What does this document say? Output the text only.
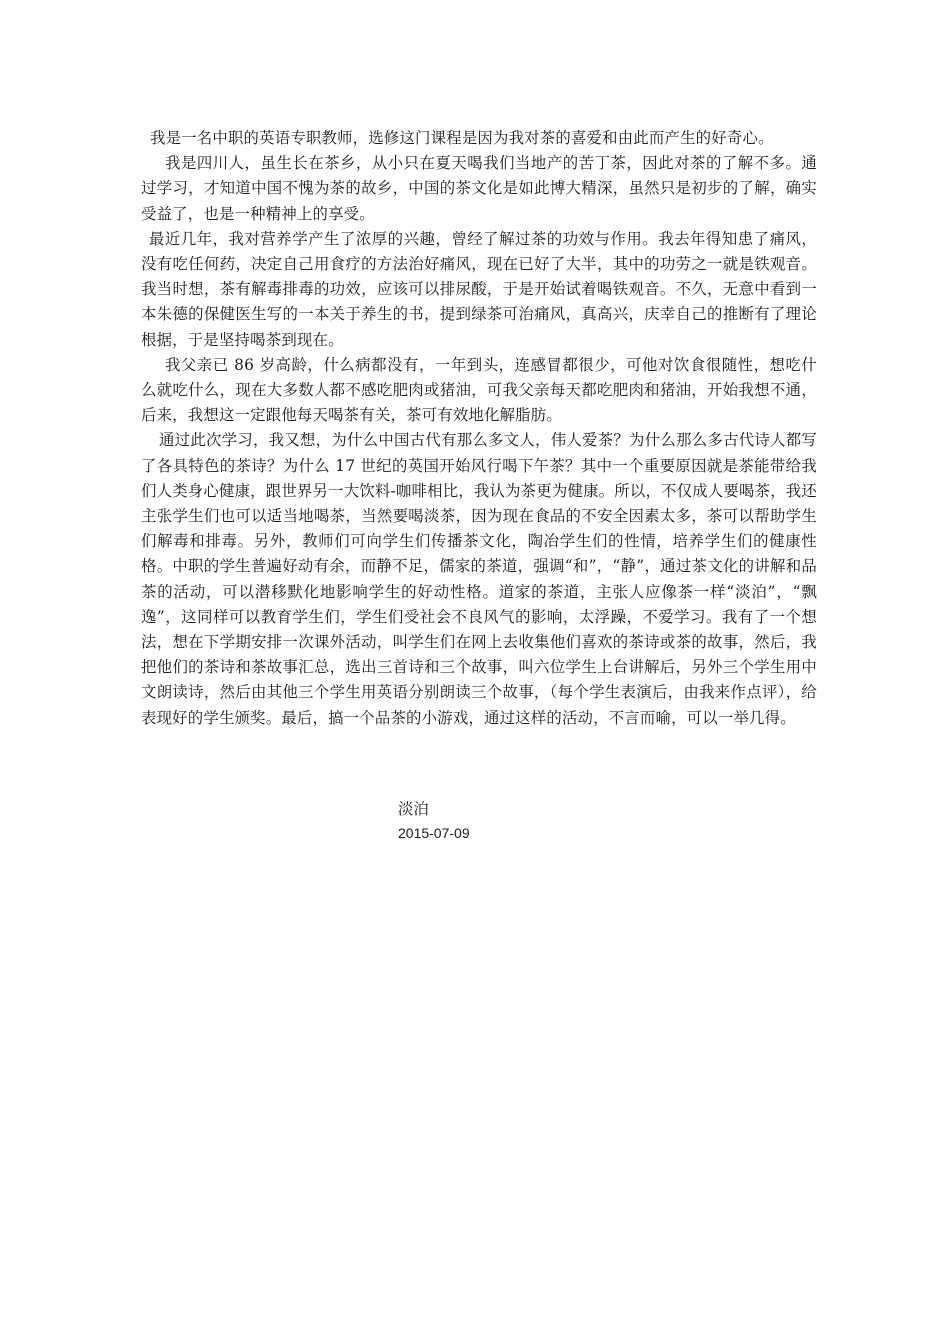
我是一名中职的英语专职教师，选修这门课程是因为我对茶的喜爱和由此而产生的好奇心。

我是四川人，虽生长在茶乡，从小只在夏天喝我们当地产的苦丁茶，因此对茶的了解不多。通过学习，才知道中国不愧为茶的故乡，中国的茶文化是如此博大精深，虽然只是初步的了解，确实受益了，也是一种精神上的享受。

最近几年，我对营养学产生了浓厚的兴趣，曾经了解过茶的功效与作用。我去年得知患了痛风，没有吃任何药，决定自己用食疗的方法治好痛风，现在已好了大半，其中的功劳之一就是铁观音。我当时想，茶有解毒排毒的功效，应该可以排尿酸，于是开始试着喝铁观音。不久，无意中看到一本朱德的保健医生写的一本关于养生的书，提到绿茶可治痛风，真高兴，庆幸自己的推断有了理论根据，于是坚持喝茶到现在。

我父亲已 86 岁高龄，什么病都没有，一年到头，连感冒都很少，可他对饮食很随性，想吃什么就吃什么，现在大多数人都不感吃肥肉或猪油，可我父亲每天都吃肥肉和猪油，开始我想不通，后来，我想这一定跟他每天喝茶有关，茶可有效地化解脂肪。

通过此次学习，我又想，为什么中国古代有那么多文人，伟人爱茶？为什么那么多古代诗人都写了各具特色的茶诗？为什么 17 世纪的英国开始风行喝下午茶？其中一个重要原因就是茶能带给我们人类身心健康，跟世界另一大饮料-咖啡相比，我认为茶更为健康。所以，不仅成人要喝茶，我还主张学生们也可以适当地喝茶，当然要喝淡茶，因为现在食品的不安全因素太多，茶可以帮助学生们解毒和排毒。另外，教师们可向学生们传播茶文化，陶冶学生们的性情，培养学生们的健康性格。中职的学生普遍好动有余，而静不足，儒家的茶道，强调“和”，“静”，通过茶文化的讲解和品茶的活动，可以潜移默化地影响学生的好动性格。道家的茶道，主张人应像茶一样“淡泊”，“飘逸”，这同样可以教育学生们，学生们受社会不良风气的影响，太浮躁，不爱学习。我有了一个想法，想在下学期安排一次课外活动，叫学生们在网上去收集他们喜欢的茶诗或茶的故事，然后，我把他们的茶诗和茶故事汇总，选出三首诗和三个故事，叫六位学生上台讲解后，另外三个学生用中文朗读诗，然后由其他三个学生用英语分别朗读三个故事，（每个学生表演后，由我来作点评），给表现好的学生颁奖。最后，搞一个品茶的小游戏，通过这样的活动，不言而喻，可以一举几得。

淡泊
2015-07-09
